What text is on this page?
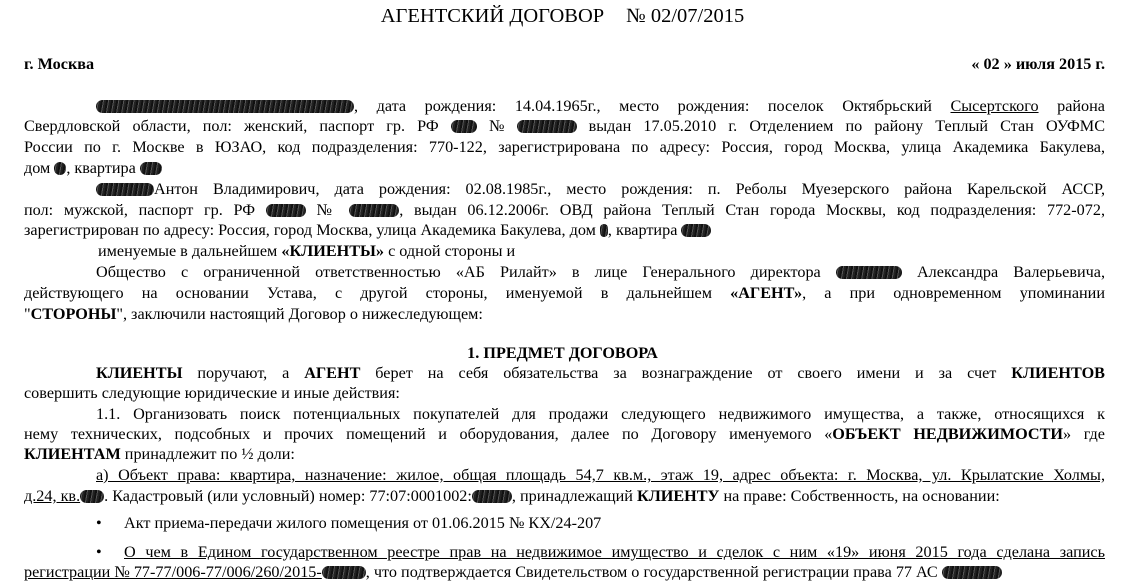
АГЕНТСКИЙ ДОГОВОР № 02/07/2015
г. Москва	« 02 » июля 2015 г.
, дата рождения: 14.04.1965г., место рождения: поселок Октябрьский Сысертского района
Свердловской области, пол: женский, паспорт гр. РФ  №	выдан 17.05.2010 г. Отделением по району Теплый Стан ОУФМС
России по г. Москве в ЮЗАО, код подразделения: 770-122, зарегистрирована по адресу: Россия, город Москва, улица Академика Бакулева,
дом , квартира
Антон Владимирович, дата рождения: 02.08.1985г., место рождения: п. Реболы Муезерского района Карельской АССР,
пол: мужской, паспорт гр. РФ  №	, выдан 06.12.2006г. ОВД района Теплый Стан города Москвы, код подразделения: 772-072,
зарегистрирован по адресу: Россия, город Москва, улица Академика Бакулева, дом , квартира
именуемые в дальнейшем «КЛИЕНТЫ» с одной стороны и
Общество с ограниченной ответственностью «АБ Рилайт» в лице Генерального директора	Александра Валерьевича,
действующего на основании Устава, с другой стороны, именуемой в дальнейшем «АГЕНТ», а при одновременном упоминании
"СТОРОНЫ", заключили настоящий Договор о нижеследующем:
1. ПРЕДМЕТ ДОГОВОРА
КЛИЕНТЫ поручают, а АГЕНТ берет на себя обязательства за вознаграждение от своего имени и за счет КЛИЕНТОВ
совершить следующие юридические и иные действия:
1.1. Организовать поиск потенциальных покупателей для продажи следующего недвижимого имущества, а также, относящихся к
нему технических, подсобных и прочих помещений и оборудования, далее по Договору именуемого «ОБЪЕКТ НЕДВИЖИМОСТИ» где
КЛИЕНТАМ принадлежит по ½ доли:
а) Объект права: квартира, назначение: жилое, общая площадь 54,7 кв.м., этаж 19, адрес объекта: г. Москва, ул. Крылатские Холмы,
д.24, кв. . Кадастровый (или условный) номер: 77:07:0001002: , принадлежащий КЛИЕНТУ на праве: Собственность, на основании:
• Акт приема-передачи жилого помещения от 01.06.2015 № КХ/24-207
• О чем в Едином государственном реестре прав на недвижимое имущество и сделок с ним «19» июня 2015 года сделана запись
регистрации № 77-77/006-77/006/260/2015-	, что подтверждается Свидетельством о государственной регистрации права 77 АС
